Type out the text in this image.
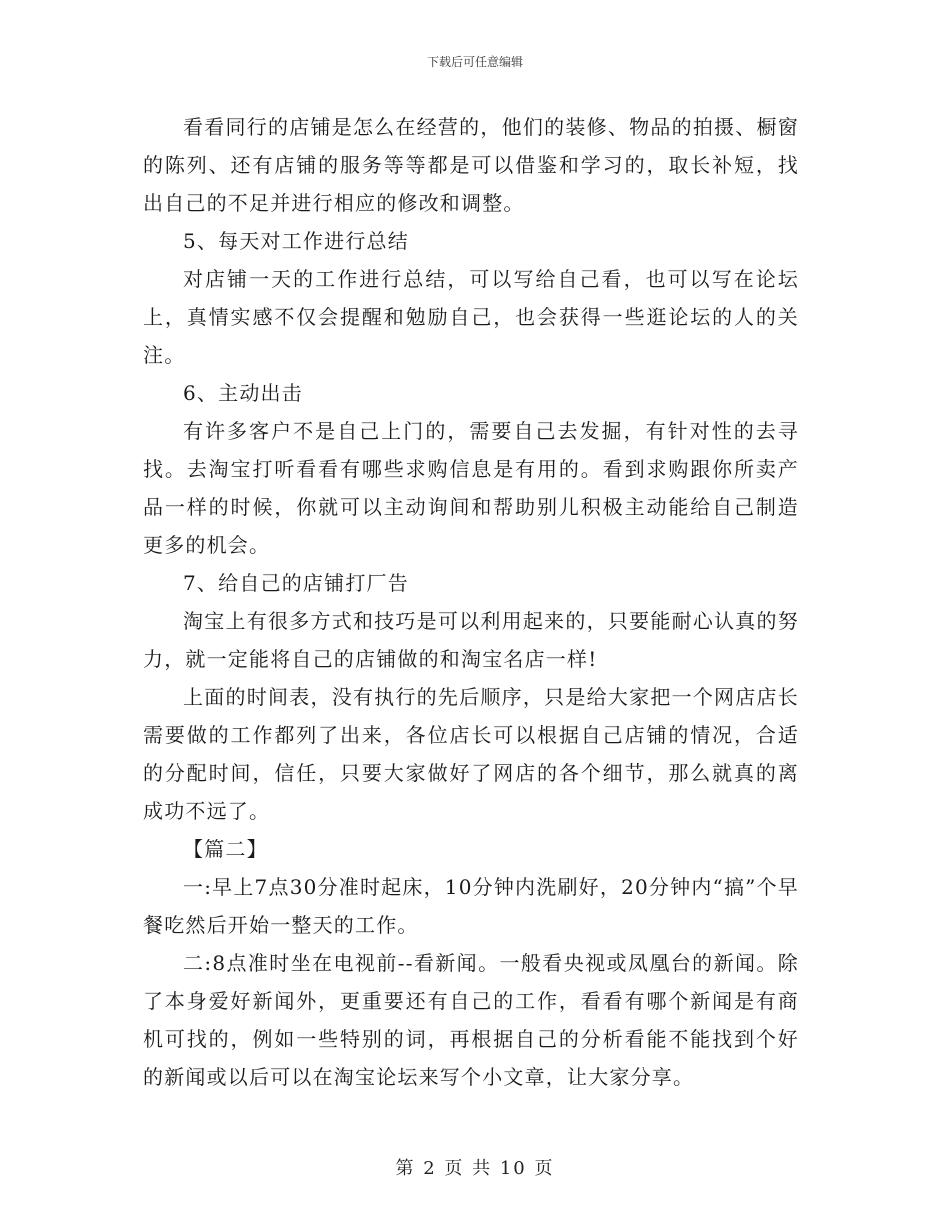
下载后可任意编辑

看看同行的店铺是怎么在经营的，他们的装修、物品的拍摄、橱窗的陈列、还有店铺的服务等等都是可以借鉴和学习的，取长补短，找出自己的不足并进行相应的修改和调整。

5、每天对工作进行总结

对店铺一天的工作进行总结，可以写给自己看，也可以写在论坛上，真情实感不仅会提醒和勉励自己，也会获得一些逛论坛的人的关注。

6、主动出击

有许多客户不是自己上门的，需要自己去发掘，有针对性的去寻找。去淘宝打听看看有哪些求购信息是有用的。看到求购跟你所卖产品一样的时候，你就可以主动询间和帮助别儿积极主动能给自己制造更多的机会。

7、给自己的店铺打厂告

淘宝上有很多方式和技巧是可以利用起来的，只要能耐心认真的努力，就一定能将自己的店铺做的和淘宝名店一样!

上面的时间表，没有执行的先后顺序，只是给大家把一个网店店长需要做的工作都列了出来，各位店长可以根据自己店铺的情况，合适的分配时间，信任，只要大家做好了网店的各个细节，那么就真的离成功不远了。

【篇二】

一:早上7点30分准时起床，10分钟内洗刷好，20分钟内“搞”个早餐吃然后开始一整天的工作。

二:8点准时坐在电视前--看新闻。一般看央视或凤凰台的新闻。除了本身爱好新闻外，更重要还有自己的工作，看看有哪个新闻是有商机可找的，例如一些特别的词，再根据自己的分析看能不能找到个好的新闻或以后可以在淘宝论坛来写个小文章，让大家分享。

第 2 页 共 10 页
